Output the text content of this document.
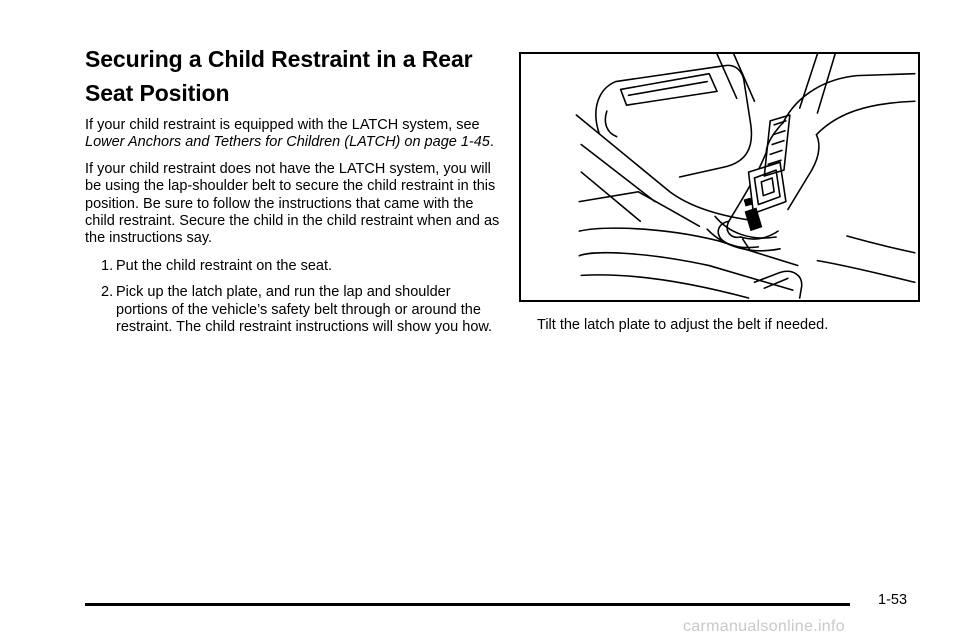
Securing a Child Restraint in a Rear
Seat Position

If your child restraint is equipped with the LATCH system, see Lower Anchors and Tethers for Children (LATCH) on page 1-45.

If your child restraint does not have the LATCH system, you will be using the lap-shoulder belt to secure the child restraint in this position. Be sure to follow the instructions that came with the child restraint. Secure the child in the child restraint when and as the instructions say.

1. Put the child restraint on the seat.
2. Pick up the latch plate, and run the lap and shoulder portions of the vehicle’s safety belt through or around the restraint. The child restraint instructions will show you how.	Tilt the latch plate to adjust the belt if needed.
1-53
carmanualsonline.info
